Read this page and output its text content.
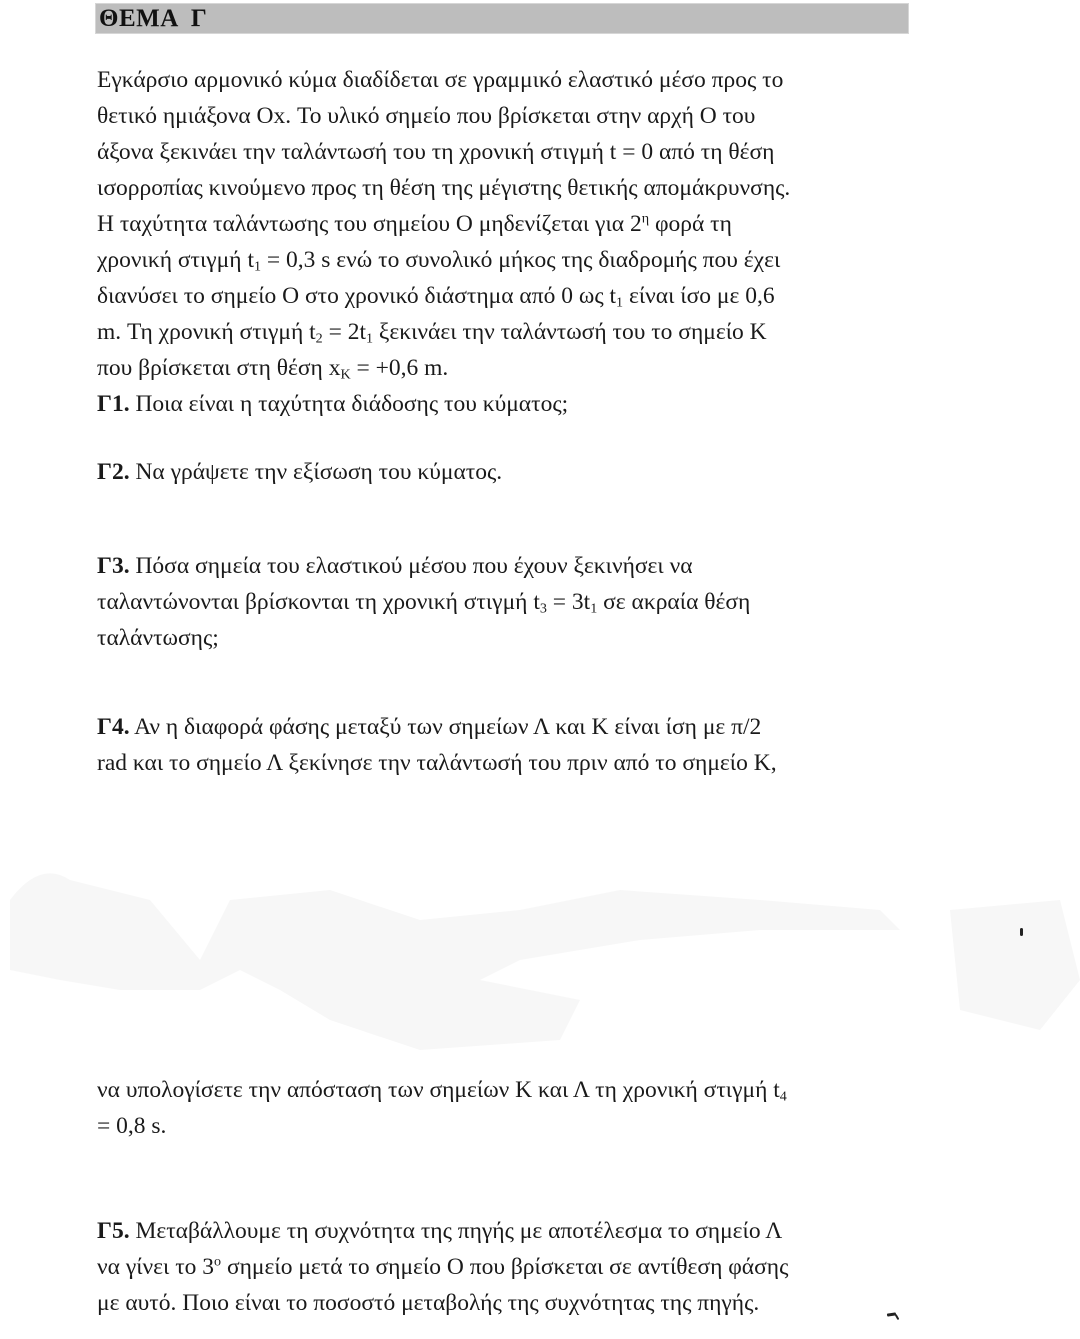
ΘΕΜΑ  Γ
Εγκάρσιο αρμονικό κύμα διαδίδεται σε γραμμικό ελαστικό μέσο προς το
θετικό ημιάξονα Οx. Το υλικό σημείο που βρίσκεται στην αρχή Ο του
άξονα ξεκινάει την ταλάντωσή του τη χρονική στιγμή t = 0 από τη θέση
ισορροπίας κινούμενο προς τη θέση της μέγιστης θετικής απομάκρυνσης.
Η ταχύτητα ταλάντωσης του σημείου Ο μηδενίζεται για $2^\eta$ φορά τη
χρονική στιγμή $t_1 = 0,3$ s ενώ το συνολικό μήκος της διαδρομής που έχει
διανύσει το σημείο Ο στο χρονικό διάστημα από 0 ως $t_1$ είναι ίσο με 0,6
m. Τη χρονική στιγμή $t_2 = 2t_1$ ξεκινάει την ταλάντωσή του το σημείο Κ
που βρίσκεται στη θέση $x_K = +0,6$ m.
Γ1. Ποια είναι η ταχύτητα διάδοσης του κύματος;
Γ2. Να γράψετε την εξίσωση του κύματος.
Γ3. Πόσα σημεία του ελαστικού μέσου που έχουν ξεκινήσει να
ταλαντώνονται βρίσκονται τη χρονική στιγμή $t_3 = 3t_1$ σε ακραία θέση
ταλάντωσης;
Γ4. Αν η διαφορά φάσης μεταξύ των σημείων Λ και Κ είναι ίση με π/2
rad και το σημείο Λ ξεκίνησε την ταλάντωσή του πριν από το σημείο Κ,
να υπολογίσετε την απόσταση των σημείων Κ και Λ τη χρονική στιγμή $t_4$
= 0,8 s.
Γ5. Μεταβάλλουμε τη συχνότητα της πηγής με αποτέλεσμα το σημείο Λ
να γίνει το $3^o$ σημείο μετά το σημείο Ο που βρίσκεται σε αντίθεση φάσης
με αυτό. Ποιο είναι το ποσοστό μεταβολής της συχνότητας της πηγής.
